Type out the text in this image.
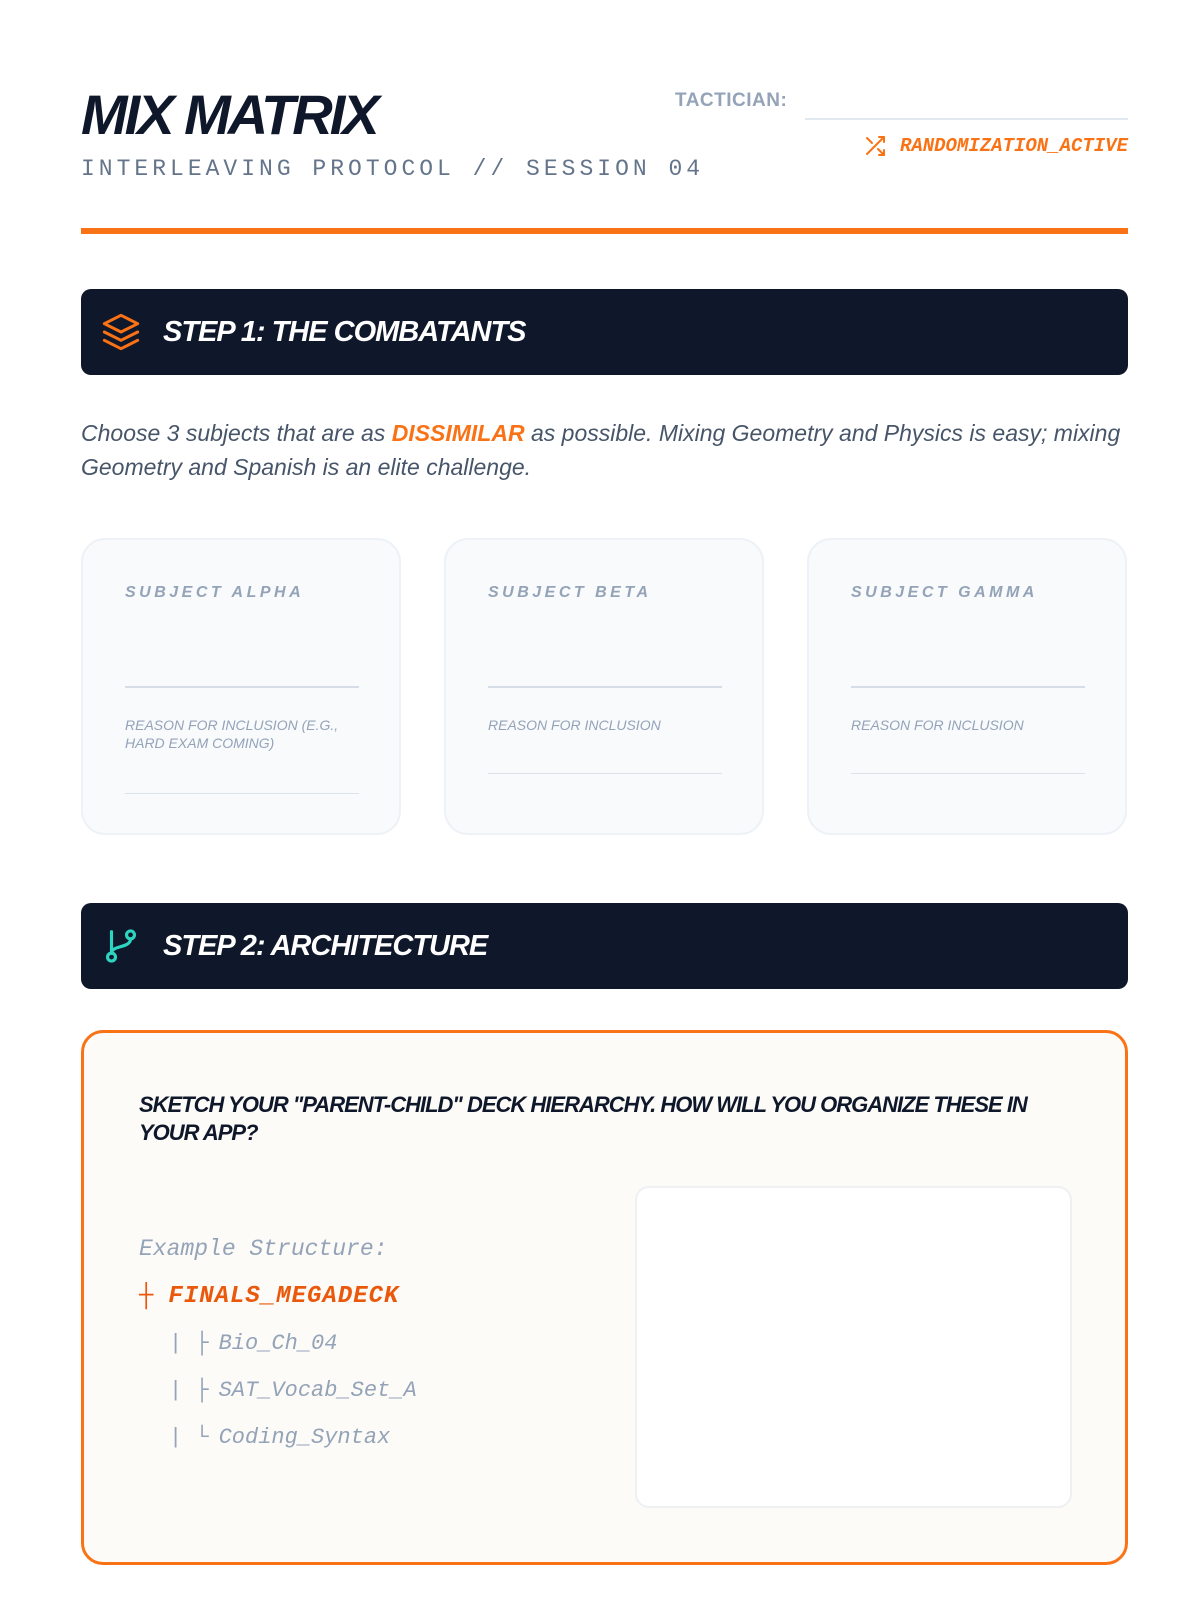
MIX MATRIX
INTERLEAVING PROTOCOL // SESSION 04
TACTICIAN:
RANDOMIZATION_ACTIVE
STEP 1: THE COMBATANTS

Choose 3 subjects that are as DISSIMILAR as possible. Mixing Geometry and Physics is easy; mixing Geometry and Spanish is an elite challenge.

SUBJECT ALPHA
REASON FOR INCLUSION (E.G., HARD EXAM COMING)
SUBJECT BETA
REASON FOR INCLUSION
SUBJECT GAMMA
REASON FOR INCLUSION
STEP 2: ARCHITECTURE
SKETCH YOUR "PARENT-CHILD" DECK HIERARCHY. HOW WILL YOU ORGANIZE THESE IN YOUR APP?
Example Structure:
┼ FINALS_MEGADECK
| ├ Bio_Ch_04
| ├ SAT_Vocab_Set_A
| └ Coding_Syntax
